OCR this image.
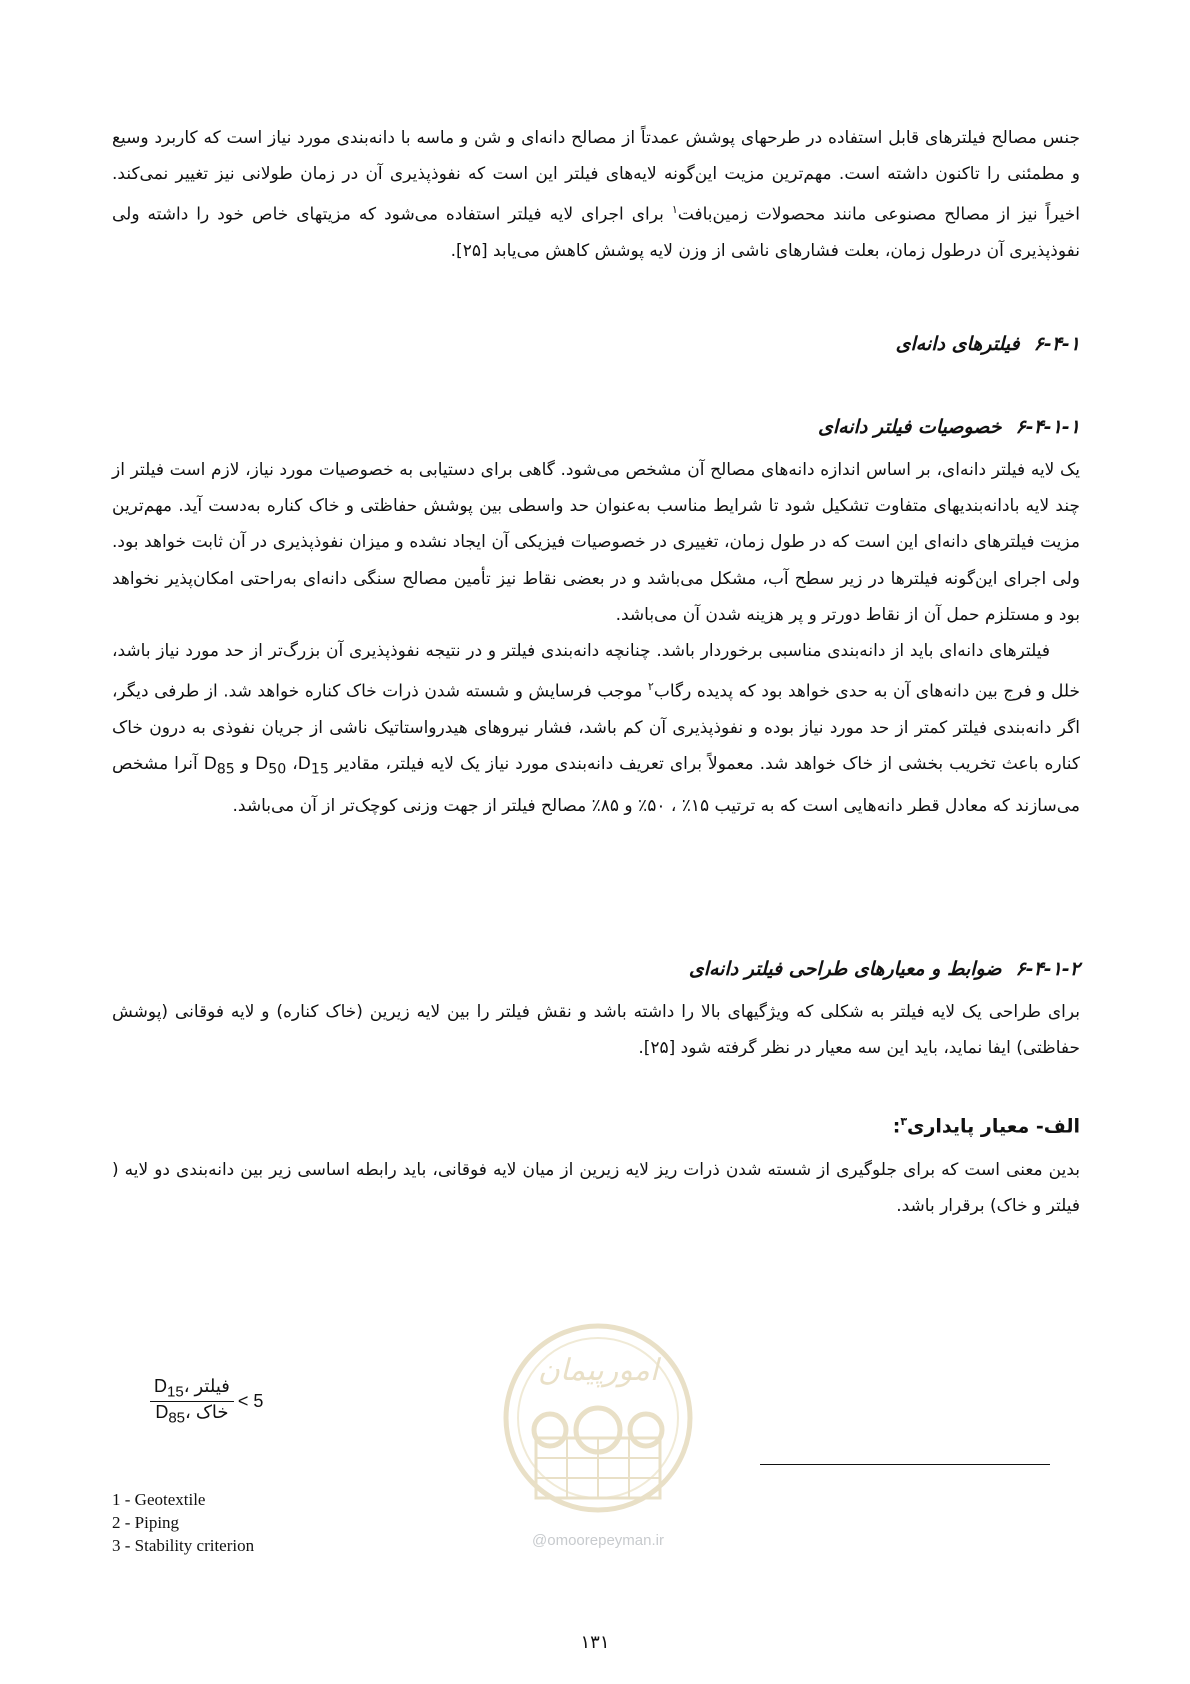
جنس مصالح فیلترهای قابل استفاده در طرحهای پوشش عمدتاً از مصالح دانه‌ای و شن و ماسه با دانه‌بندی مورد نیاز است که کاربرد وسیع و مطمئنی را تاکنون داشته است. مهم‌ترین مزیت این‌گونه لایه‌های فیلتر این است که نفوذپذیری آن در زمان طولانی نیز تغییر نمی‌کند. اخیراً نیز از مصالح مصنوعی مانند محصولات زمین‌بافت$^۱$ برای اجرای لایه فیلتر استفاده می‌شود که مزیتهای خاص خود را داشته ولی نفوذپذیری آن درطول زمان، بعلت فشارهای ناشی از وزن لایه پوشش کاهش می‌یابد [۲۵].
۶-۴-۱فیلترهای دانه‌ای
۶-۴-۱-۱خصوصیات فیلتر دانه‌ای
یک لایه فیلتر دانه‌ای، بر اساس اندازه دانه‌های مصالح آن مشخص می‌شود. گاهی برای دستیابی به خصوصیات مورد نیاز، لازم است فیلتر از چند لایه بادانه‌بندیهای متفاوت تشکیل شود تا شرایط مناسب به‌عنوان حد واسطی بین پوشش حفاظتی و خاک کناره به‌دست آید. مهم‌ترین مزیت فیلترهای دانه‌ای این است که در طول زمان، تغییری در خصوصیات فیزیکی آن ایجاد نشده و میزان نفوذپذیری در آن ثابت خواهد بود. ولی اجرای این‌گونه فیلترها در زیر سطح آب، مشکل می‌باشد و در بعضی نقاط نیز تأمین مصالح سنگی دانه‌ای به‌راحتی امکان‌پذیر نخواهد بود و مستلزم حمل آن از نقاط دورتر و پر هزینه شدن آن می‌باشد.
فیلترهای دانه‌ای باید از دانه‌بندی مناسبی برخوردار باشد. چنانچه دانه‌بندی فیلتر و در نتیجه نفوذپذیری آن بزرگ‌تر از حد مورد نیاز باشد، خلل و فرج بین دانه‌های آن به حدی خواهد بود که پدیده رگاب$^۲$ موجب فرسایش و شسته شدن ذرات خاک کناره خواهد شد. از طرفی دیگر، اگر دانه‌بندی فیلتر کمتر از حد مورد نیاز بوده و نفوذپذیری آن کم باشد، فشار نیروهای هیدرواستاتیک ناشی از جریان نفوذی به درون خاک کناره باعث تخریب بخشی از خاک خواهد شد. معمولاً برای تعریف دانه‌بندی مورد نیاز یک لایه فیلتر، مقادیر $D_{15}،$ $D_{50}$ و $D_{85}$ آنرا مشخص می‌سازند که معادل قطر دانه‌هایی است که به ترتیب ۱۵٪ ، ۵۰٪ و ۸۵٪ مصالح فیلتر از جهت وزنی کوچک‌تر از آن می‌باشد.
۶-۴-۱-۲ضوابط و معیارهای طراحی فیلتر دانه‌ای
برای طراحی یک لایه فیلتر به شکلی که ویژگیهای بالا را داشته باشد و نقش فیلتر را بین لایه زیرین (خاک کناره) و لایه فوقانی (پوشش حفاظتی) ایفا نماید، باید این سه معیار در نظر گرفته شود [۲۵].
الف- معیار پایداری$^۳$:
بدین معنی است که برای جلوگیری از شسته شدن ذرات ریز لایه زیرین از میان لایه فوقانی، باید رابطه اساسی زیر بین دانه‌بندی دو لایه ( فیلتر و خاک) برقرار باشد.
$\frac{D_{15}، فیلتر}{D_{85}، خاک} < 5$
امورپیمان
@omoorepeyman.ir
1 - Geotextile
2 - Piping
3 - Stability criterion
۱۳۱
